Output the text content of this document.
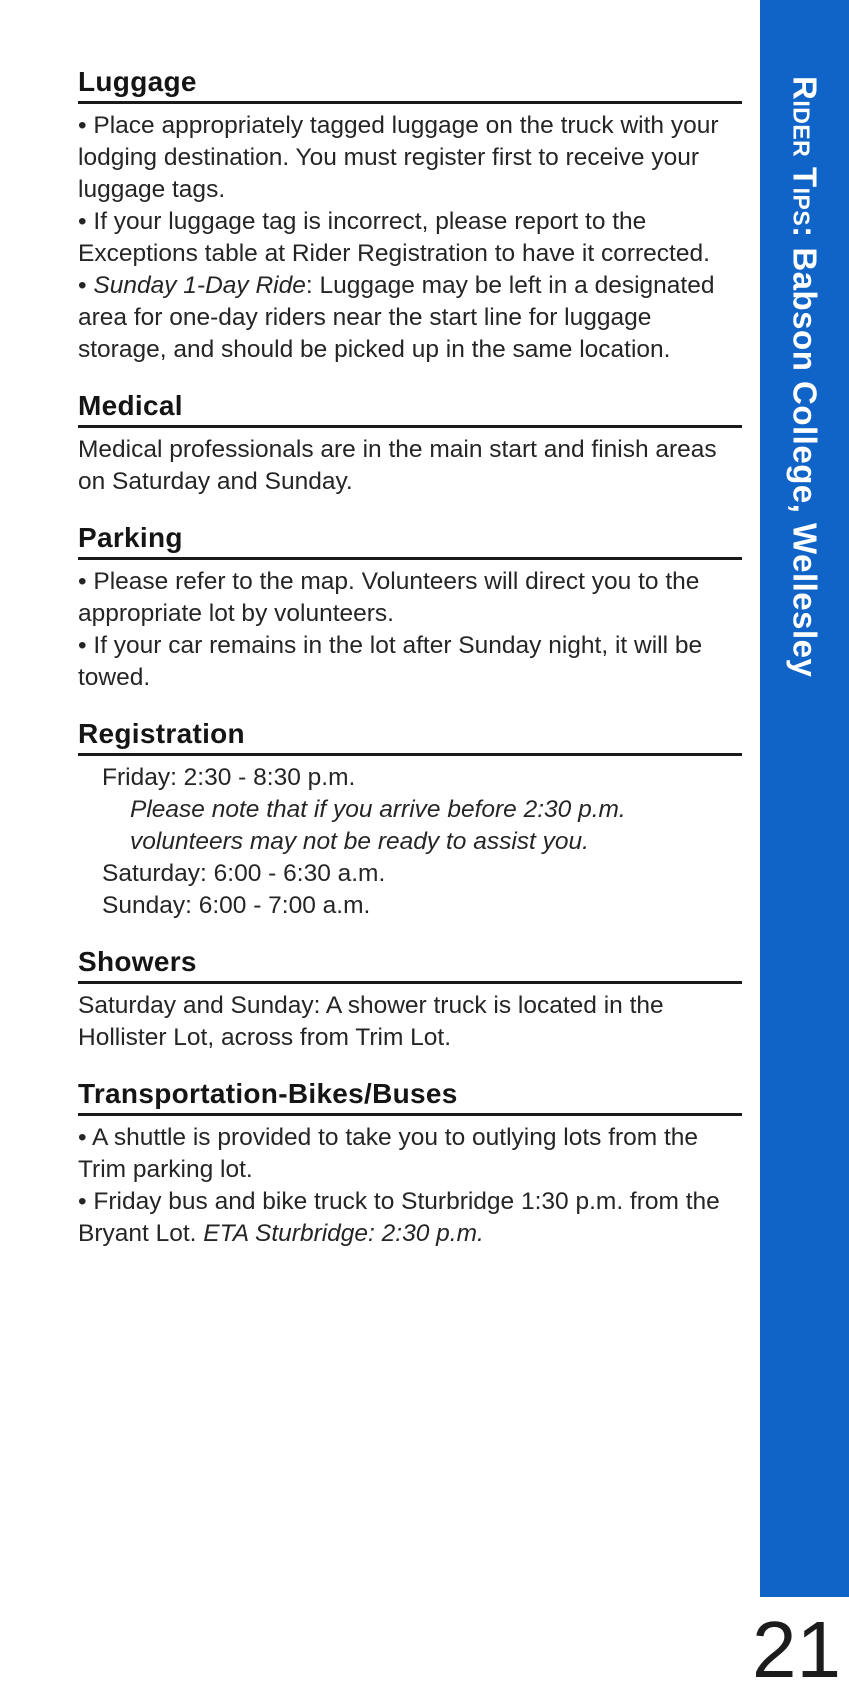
Luggage

• Place appropriately tagged luggage on the truck with your lodging destination. You must register first to receive your luggage tags.

• If your luggage tag is incorrect, please report to the Exceptions table at Rider Registration to have it corrected.

• Sunday 1-Day Ride: Luggage may be left in a designated area for one-day riders near the start line for luggage storage, and should be picked up in the same location.

Medical

Medical professionals are in the main start and finish areas on Saturday and Sunday.

Parking

• Please refer to the map. Volunteers will direct you to the appropriate lot by volunteers.

• If your car remains in the lot after Sunday night, it will be towed.

Registration

Friday: 2:30 - 8:30 p.m.

Please note that if you arrive before 2:30 p.m. volunteers may not be ready to assist you.

Saturday: 6:00 - 6:30 a.m.

Sunday: 6:00 - 7:00 a.m.

Showers

Saturday and Sunday: A shower truck is located in the Hollister Lot, across from Trim Lot.

Transportation-Bikes/Buses

• A shuttle is provided to take you to outlying lots from the Trim parking lot.

• Friday bus and bike truck to Sturbridge 1:30 p.m. from the Bryant Lot. ETA Sturbridge: 2:30 p.m.

Rider Tips: Babson College, Wellesley
21
